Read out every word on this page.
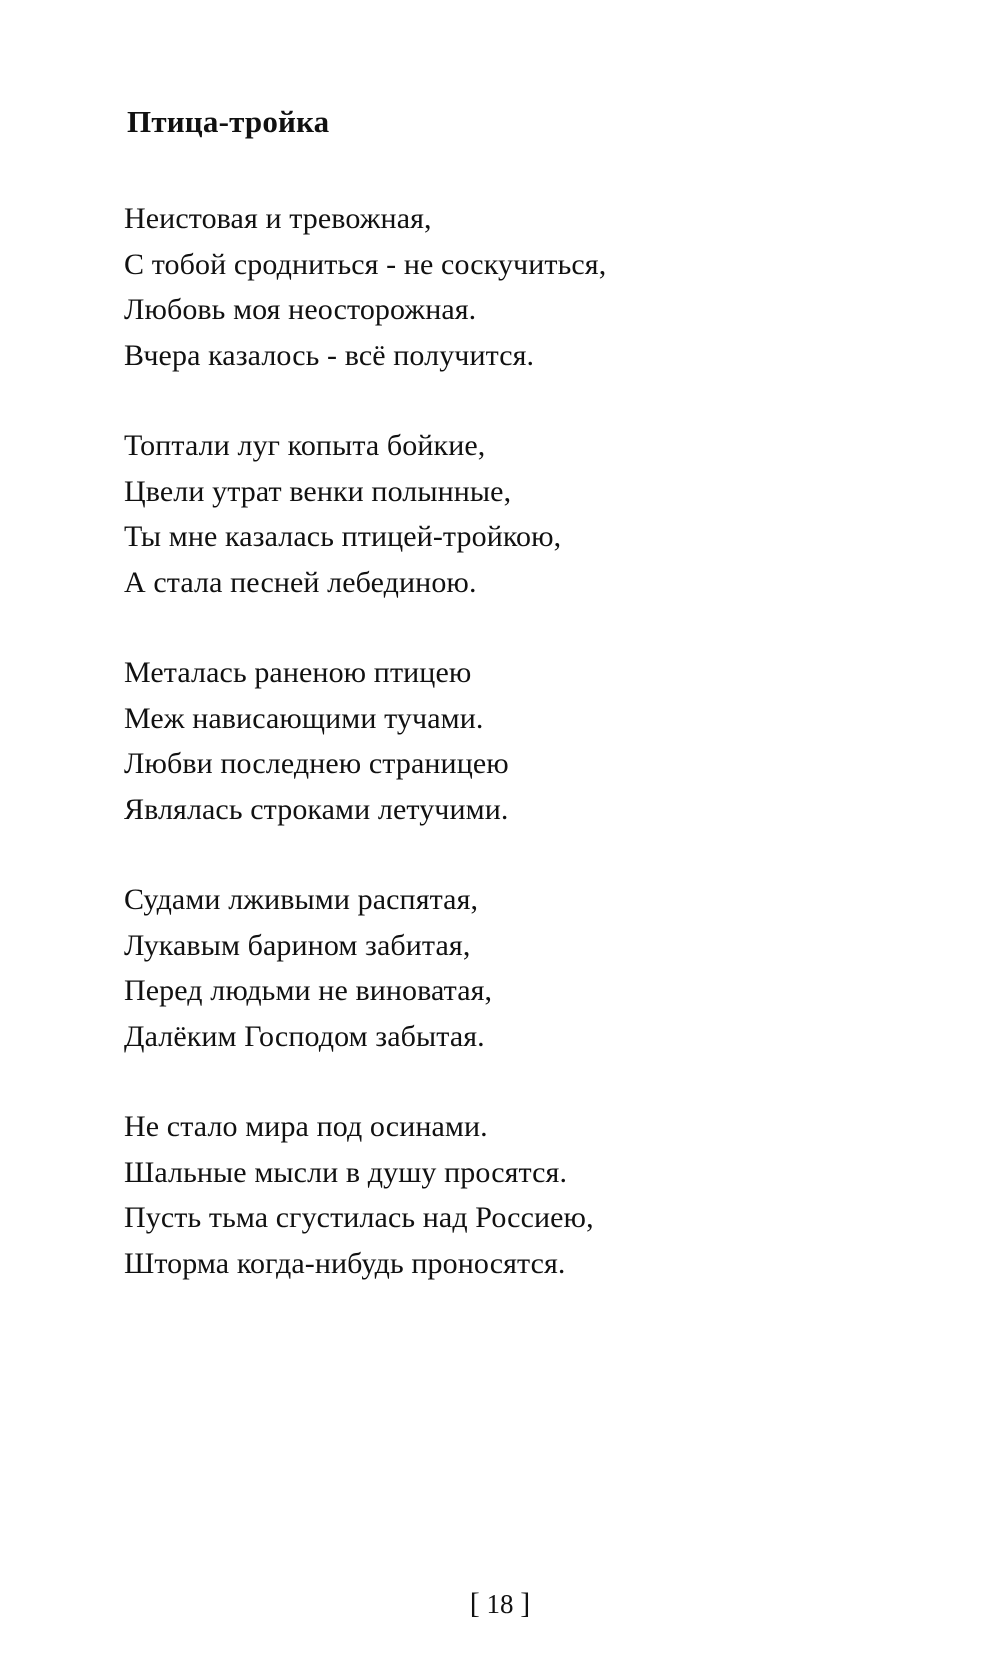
Птица-тройка
Неистовая и тревожная,
С тобой сродниться - не соскучиться,
Любовь моя неосторожная.
Вчера казалось - всё получится.
Топтали луг копыта бойкие,
Цвели утрат венки полынные,
Ты мне казалась птицей-тройкою,
А стала песней лебединою.
Металась раненою птицею
Меж нависающими тучами.
Любви последнею страницею
Являлась строками летучими.
Судами лживыми распятая,
Лукавым барином забитая,
Перед людьми не виноватая,
Далёким Господом забытая.
Не стало мира под осинами.
Шальные мысли в душу просятся.
Пусть тьма сгустилась над Россиею,
Шторма когда-нибудь проносятся.
[ 18 ]
